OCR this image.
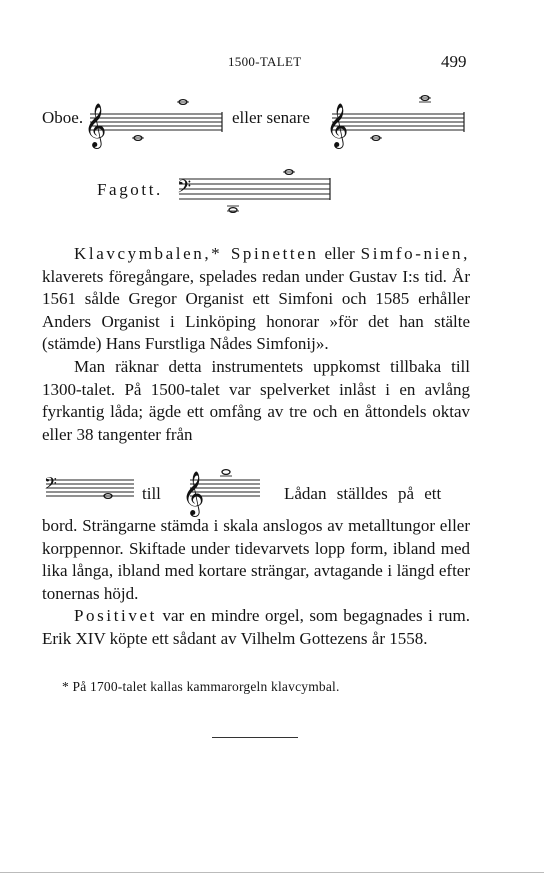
1500-TALET	499
Oboe. 𝄞	eller senare 𝄞
Fagott. 𝄢

Klavcymbalen,* Spinetten eller Simfo-nien, klaverets föregångare, spelades redan under Gustav I:s tid. År 1561 sålde Gregor Organist ett Simfoni och 1585 erhåller Anders Organist i Linköping honorar »för det han stälte (stämde) Hans Furstliga Nådes Simfonij».

Man räknar detta instrumentets uppkomst tillbaka till 1300-talet. På 1500-talet var spelverket inlåst i en avlång fyrkantig låda; ägde ett omfång av tre och en åttondels oktav eller 38 tangenter från

𝄢	till 𝄞	Lådan ställdes på ett

bord. Strängarne stämda i skala anslogos av metalltungor eller korppennor. Skiftade under tidevarvets lopp form, ibland med lika långa, ibland med kortare strängar, avtagande i längd efter tonernas höjd.

Positivet var en mindre orgel, som begagnades i rum. Erik XIV köpte ett sådant av Vilhelm Gottezens år 1558.

* På 1700-talet kallas kammarorgeln klavcymbal.
